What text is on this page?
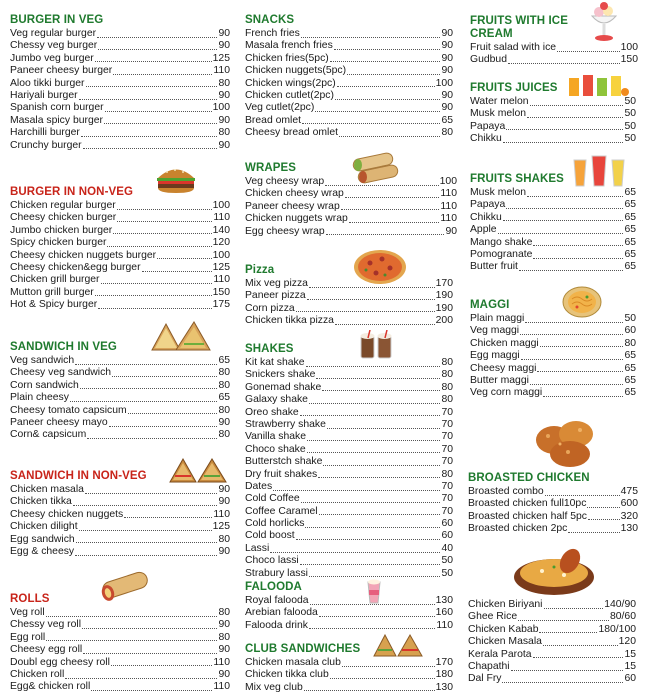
BURGER IN VEG
Veg regular burger	90
Chessy veg burger	90
Jumbo veg burger	125
Paneer cheesy burger	110
Aloo tikki burger	80
Hariyali burger	90
Spanish corn burger	100
Masala spicy burger	90
Harchilli burger	80
Crunchy burger	90
BURGER IN NON-VEG
Chicken regular burger	100
Cheesy chicken burger	110
Jumbo chicken burger	140
Spicy chicken burger	120
Cheesy chicken nuggets burger	100
Cheesy chicken&egg burger	125
Chicken grill burger	110
Mutton grill burger	150
Hot & Spicy burger	175
SANDWICH IN VEG
Veg sandwich	65
Cheesy veg sandwich	80
Corn sandwich	80
Plain cheesy	65
Cheesy tomato capsicum	80
Paneer cheesy mayo	90
Corn& capsicum	80
SANDWICH IN NON-VEG
Chicken masala	90
Chicken tikka	90
Cheesy chicken nuggets	110
Chicken dilight	125
Egg sandwich	80
Egg & cheesy	90
ROLLS
Veg roll	80
Chessy veg roll	90
Egg roll	80
Cheesy egg roll	90
Doubl egg cheesy roll	110
Chicken roll	90
Egg& chicken roll	110
SNACKS
French fries	90
Masala french fries	90
Chicken fries(5pc)	90
Chicken nuggets(5pc)	90
Chicken wings(2pc)	100
Chicken cutlet(2pc)	90
Veg cutlet(2pc)	90
Bread omlet	65
Cheesy bread omlet	80
WRAPES
Veg cheesy wrap	100
Chicken cheesy wrap	110
Paneer cheesy wrap	110
Chicken nuggets wrap	110
Egg cheesy wrap	90
Pizza
Mix veg pizza	170
Paneer pizza	190
Corn pizza	190
Chicken tikka pizza	200
SHAKES
Kit kat shake	80
Snickers shake	80
Gonemad shake	80
Galaxy shake	80
Oreo shake	70
Strawberry shake	70
Vanilla shake	70
Choco shake	70
Butterstch shake	70
Dry fruit shakes	80
Dates	70
Cold Coffee	70
Coffee Caramel	70
Cold horlicks	60
Cold boost	60
Lassi	40
Choco lassi	50
Strabury lassi	50
FALOODA
Royal falooda	130
Arebian falooda	160
Falooda drink	110
CLUB SANDWICHES
Chicken masala club	170
Chicken tikka club	180
Mix veg club	130
FRUITS WITH ICE
CREAM
Fruit salad with ice	100
Gudbud	150
FRUITS JUICES
Water melon	50
Musk melon	50
Papaya	50
Chikku	50
FRUITS SHAKES
Musk melon	65
Papaya	65
Chikku	65
Apple	65
Mango shake	65
Pomogranate	65
Butter fruit	65
MAGGI
Plain maggi	50
Veg maggi	60
Chicken maggi	80
Egg maggi	65
Cheesy maggi	65
Butter maggi	65
Veg corn maggi	65
BROASTED CHICKEN
Broasted combo	475
Broasted chicken full10pc	600
Broasted chicken half 5pc	320
Broasted chicken 2pc	130
Chicken Biriyani	140/90
Ghee Rice	80/60
Chicken Kabab	180/100
Chicken Masala	120
Kerala Parota	15
Chapathi	15
Dal Fry	60
